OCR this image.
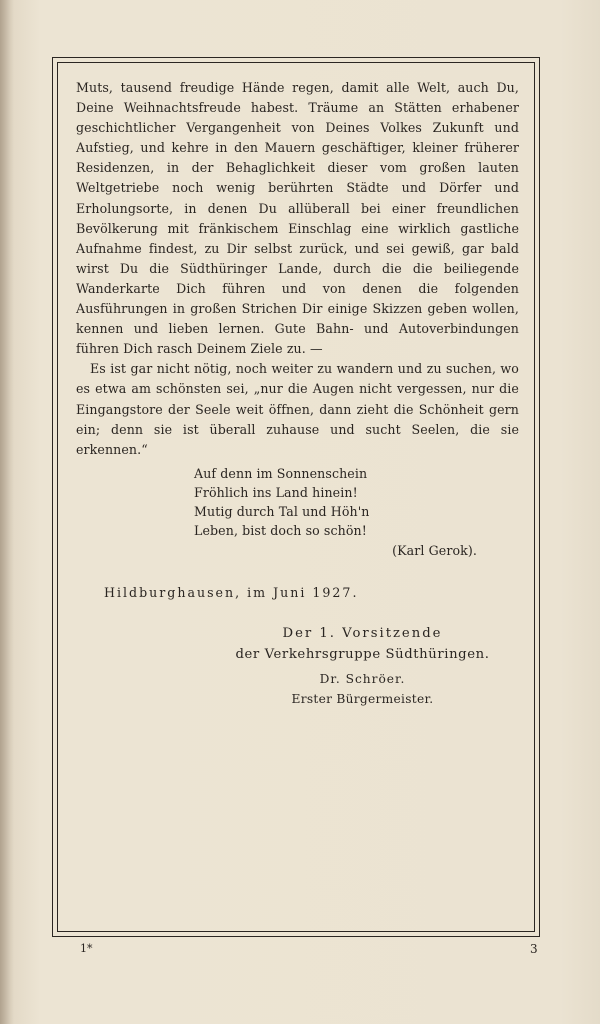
Muts, tausend freudige Hände regen, damit alle Welt, auch Du, Deine Weihnachtsfreude habest. Träume an Stätten erhabener geschichtlicher Vergangenheit von Deines Volkes Zukunft und Aufstieg, und kehre in den Mauern geschäftiger, kleiner früherer Residenzen, in der Behaglichkeit dieser vom großen lauten Weltgetriebe noch wenig berührten Städte und Dörfer und Erholungsorte, in denen Du allüberall bei einer freundlichen Bevölkerung mit fränkischem Einschlag eine wirklich gastliche Aufnahme findest, zu Dir selbst zurück, und sei gewiß, gar bald wirst Du die Südthüringer Lande, durch die die beiliegende Wanderkarte Dich führen und von denen die folgenden Ausführungen in großen Strichen Dir einige Skizzen geben wollen, kennen und lieben lernen. Gute Bahn- und Autoverbindungen führen Dich rasch Deinem Ziele zu. —

Es ist gar nicht nötig, noch weiter zu wandern und zu suchen, wo es etwa am schönsten sei, „nur die Augen nicht vergessen, nur die Eingangstore der Seele weit öffnen, dann zieht die Schönheit gern ein; denn sie ist überall zuhause und sucht Seelen, die sie erkennen.“

Auf denn im Sonnenschein
Fröhlich ins Land hinein!
Mutig durch Tal und Höh'n
Leben, bist doch so schön!
(Karl Gerok).
Hildburghausen, im Juni 1927.
Der 1. Vorsitzende
der Verkehrsgruppe Südthüringen.
Dr. Schröer.
Erster Bürgermeister.
1*	3
